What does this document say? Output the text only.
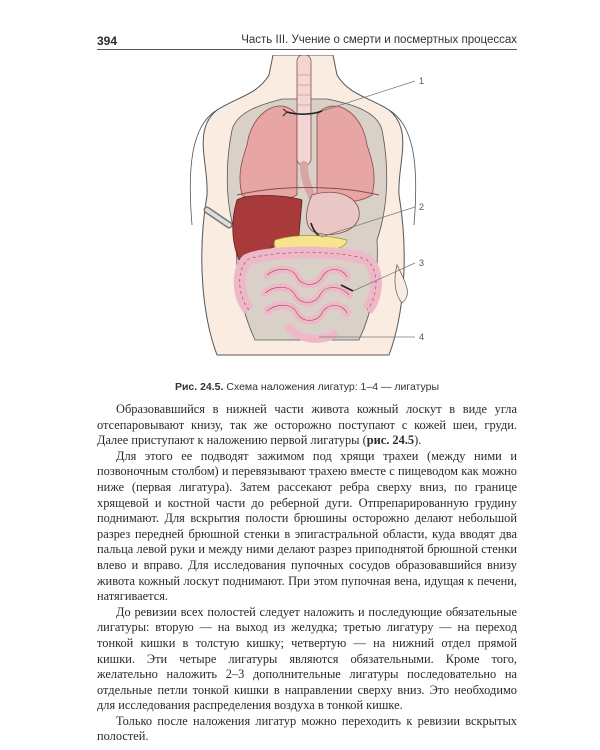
394	Часть III. Учение о смерти и посмертных процессах
1
2
3
4
Рис. 24.5. Схема наложения лигатур: 1–4 — лигатуры

Образовавшийся в нижней части живота кожный лоскут в виде угла отсепаровывают книзу, так же осторожно поступают с кожей шеи, груди. Далее приступают к наложению первой лигатуры (рис. 24.5).

Для этого ее подводят зажимом под хрящи трахеи (между ними и позвоночным столбом) и перевязывают трахею вместе с пищеводом как можно ниже (первая лигатура). Затем рассекают ребра сверху вниз, по границе хрящевой и костной части до реберной дуги. Отпрепарированную грудину поднимают. Для вскрытия полости брюшины осторожно делают небольшой разрез передней брюшной стенки в эпигастральной области, куда вводят два пальца левой руки и между ними делают разрез приподнятой брюшной стенки влево и вправо. Для исследования пупочных сосудов образовавшийся внизу живота кожный лоскут поднимают. При этом пупочная вена, идущая к печени, натягивается.

До ревизии всех полостей следует наложить и последующие обязательные лигатуры: вторую — на выход из желудка; третью лигатуру — на переход тонкой кишки в толстую кишку; четвертую — на нижний отдел прямой кишки. Эти четыре лигатуры являются обязательными. Кроме того, желательно наложить 2–3 дополнительные лигатуры последовательно на отдельные петли тонкой кишки в направлении сверху вниз. Это необходимо для исследования распределения воздуха в тонкой кишке.

Только после наложения лигатур можно переходить к ревизии вскрытых полостей.
